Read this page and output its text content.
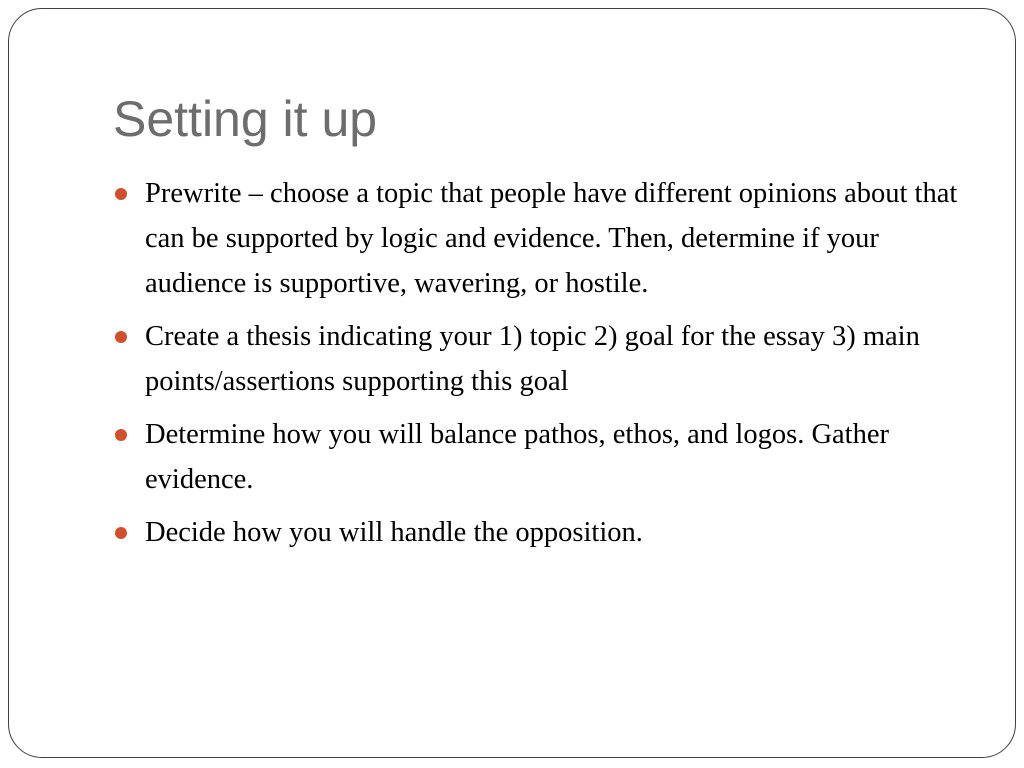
Setting it up
Prewrite – choose a topic that people have different opinions about that can be supported by logic and evidence. Then, determine if your audience is supportive, wavering, or hostile.
Create a thesis indicating your 1) topic 2) goal for the essay 3) main points/assertions supporting this goal
Determine how you will balance pathos, ethos, and logos. Gather evidence.
Decide how you will handle the opposition.
